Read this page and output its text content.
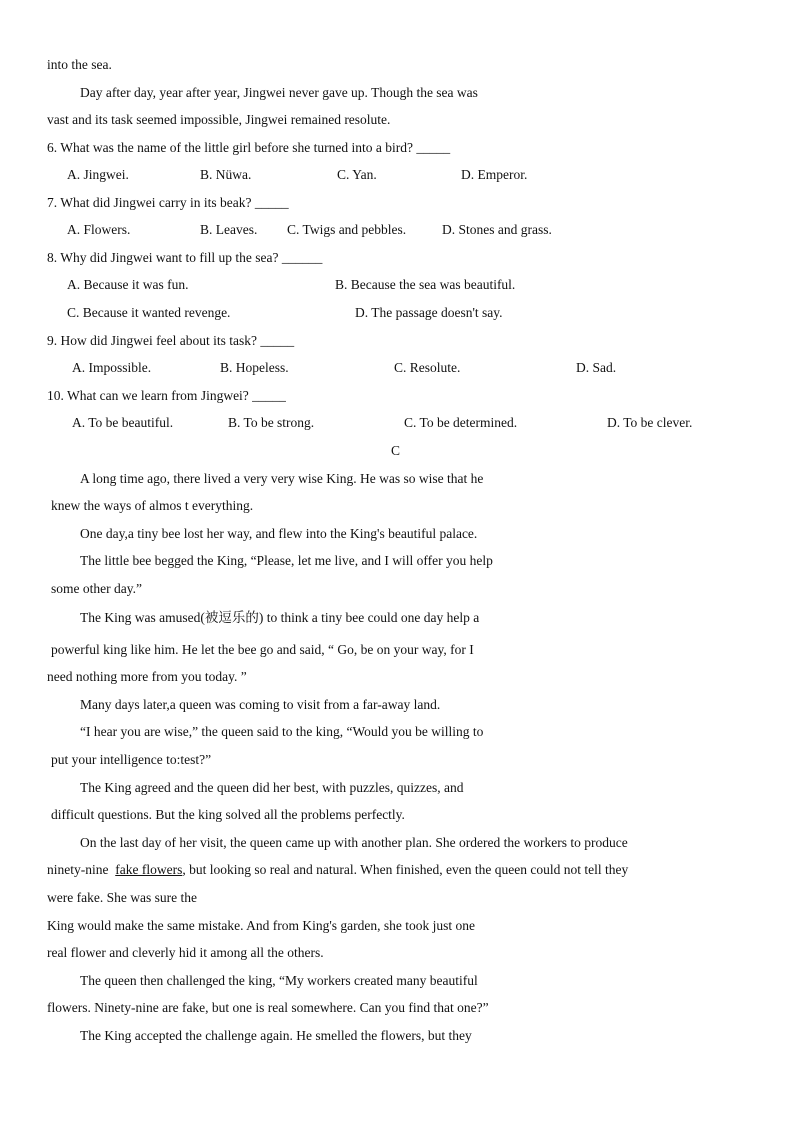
into the sea.
Day after day, year after year, Jingwei never gave up. Though the sea was
vast and its task seemed impossible, Jingwei remained resolute.
6. What was the name of the little girl before she turned into a bird? _____
A. Jingwei.	B. Nüwa.	C. Yan.	D. Emperor.
7. What did Jingwei carry in its beak? _____
A. Flowers.	B. Leaves. C. Twigs and pebbles.	D. Stones and grass.
8. Why did Jingwei want to fill up the sea? ______
A. Because it was fun.	B. Because the sea was beautiful.
C. Because it wanted revenge.	D. The passage doesn't say.
9. How did Jingwei feel about its task? _____
A. Impossible.	B. Hopeless.	C. Resolute.	D. Sad.
10. What can we learn from Jingwei? _____
A. To be beautiful.	B. To be strong.	C. To be determined.	D. To be clever.
C
A long time ago, there lived a very very wise King. He was so wise that he
knew the ways of almos t everything.
One day,a tiny bee lost her way, and flew into the King's beautiful palace.
The little bee begged the King, “Please, let me live, and I will offer you help
some other day.”
The King was amused(被逗乐的) to think a tiny bee could one day help a
powerful king like him. He let the bee go and said, “ Go, be on your way, for I
need nothing more from you today. ”
Many days later,a queen was coming to visit from a far-away land.
“I hear you are wise,” the queen said to the king, “Would you be willing to
put your intelligence to:test?”
The King agreed and the queen did her best, with puzzles, quizzes, and
difficult questions. But the king solved all the problems perfectly.
On the last day of her visit, the queen came up with another plan. She ordered the workers to produce
ninety-nine fake flowers, but looking so real and natural. When finished, even the queen could not tell they
were fake. She was sure the
King would make the same mistake. And from King's garden, she took just one
real flower and cleverly hid it among all the others.
The queen then challenged the king, “My workers created many beautiful
flowers. Ninety-nine are fake, but one is real somewhere. Can you find that one?”
The King accepted the challenge again. He smelled the flowers, but they
